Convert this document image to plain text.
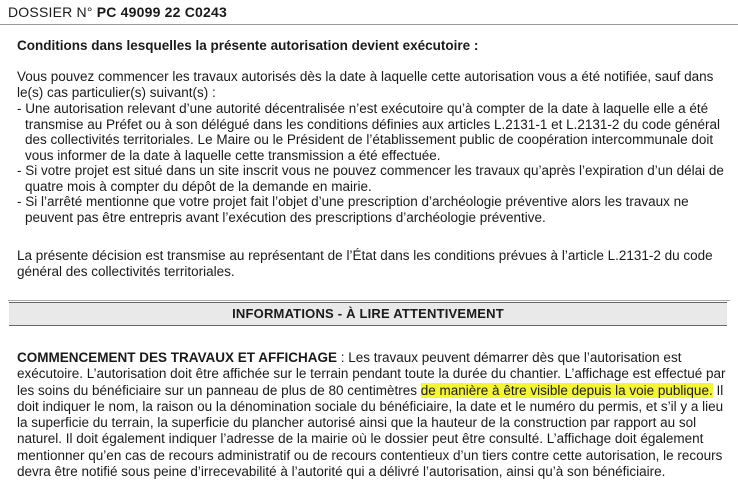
DOSSIER N° PC 49099 22 C0243
Conditions dans lesquelles la présente autorisation devient exécutoire :
Vous pouvez commencer les travaux autorisés dès la date à laquelle cette autorisation vous a été notifiée, sauf dans le(s) cas particulier(s) suivant(s) :
- Une autorisation relevant d’une autorité décentralisée n’est exécutoire qu’à compter de la date à laquelle elle a été transmise au Préfet ou à son délégué dans les conditions définies aux articles L.2131-1 et L.2131-2 du code général des collectivités territoriales. Le Maire ou le Président de l’établissement public de coopération intercommunale doit vous informer de la date à laquelle cette transmission a été effectuée.
- Si votre projet est situé dans un site inscrit vous ne pouvez commencer les travaux qu’après l’expiration d’un délai de quatre mois à compter du dépôt de la demande en mairie.
- Si l’arrêté mentionne que votre projet fait l’objet d’une prescription d’archéologie préventive alors les travaux ne peuvent pas être entrepris avant l’exécution des prescriptions d’archéologie préventive.
La présente décision est transmise au représentant de l’État dans les conditions prévues à l’article L.2131-2 du code général des collectivités territoriales.
INFORMATIONS - À LIRE ATTENTIVEMENT
COMMENCEMENT DES TRAVAUX ET AFFICHAGE : Les travaux peuvent démarrer dès que l’autorisation est exécutoire. L’autorisation doit être affichée sur le terrain pendant toute la durée du chantier. L’affichage est effectué par les soins du bénéficiaire sur un panneau de plus de 80 centimètres de manière à être visible depuis la voie publique. Il doit indiquer le nom, la raison ou la dénomination sociale du bénéficiaire, la date et le numéro du permis, et s’il y a lieu la superficie du terrain, la superficie du plancher autorisé ainsi que la hauteur de la construction par rapport au sol naturel. Il doit également indiquer l’adresse de la mairie où le dossier peut être consulté. L’affichage doit également mentionner qu’en cas de recours administratif ou de recours contentieux d’un tiers contre cette autorisation, le recours devra être notifié sous peine d’irrecevabilité à l’autorité qui a délivré l’autorisation, ainsi qu’à son bénéficiaire.
